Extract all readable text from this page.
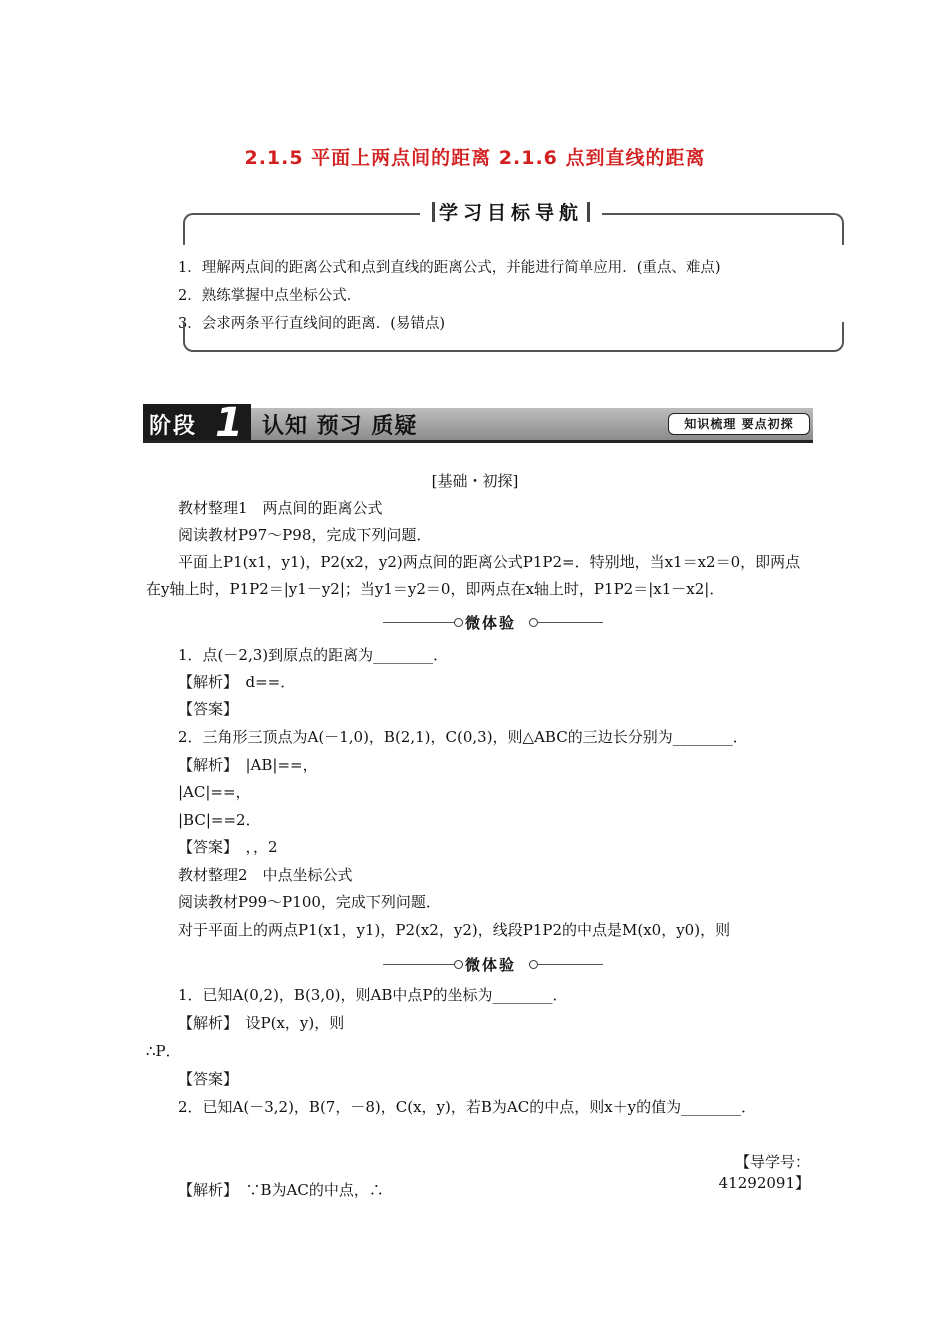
2.1.5 平面上两点间的距离 2.1.6 点到直线的距离
学习目标导航
1．理解两点间的距离公式和点到直线的距离公式，并能进行简单应用．(重点、难点)
2．熟练掌握中点坐标公式．
3．会求两条平行直线间的距离．(易错点)
阶段 1 认知 预习 质疑	知识梳理 要点初探
[基础・初探]
教材整理1　两点间的距离公式
阅读教材P97～P98，完成下列问题．
平面上P1(x1，y1)，P2(x2，y2)两点间的距离公式P1P2=．特别地，当x1＝x2＝0，即两点
在y轴上时，P1P2＝|y1－y2|；当y1＝y2＝0，即两点在x轴上时，P1P2＝|x1－x2|．
微体验
1．点(－2,3)到原点的距离为________．
【解析】　d==．
【答案】
2．三角形三顶点为A(－1,0)，B(2,1)，C(0,3)，则△ABC的三边长分别为________．
【解析】　|AB|==，
|AC|==，
|BC|==2．
【答案】　，，2
教材整理2　中点坐标公式
阅读教材P99～P100，完成下列问题．
对于平面上的两点P1(x1，y1)，P2(x2，y2)，线段P1P2的中点是M(x0，y0)，则
微体验
1．已知A(0,2)，B(3,0)，则AB中点P的坐标为________．
【解析】　设P(x，y)，则
∴P．
【答案】
2．已知A(－3,2)，B(7，－8)，C(x，y)，若B为AC的中点，则x＋y的值为________．
【导学号：41292091】
【解析】　∵B为AC的中点，∴
